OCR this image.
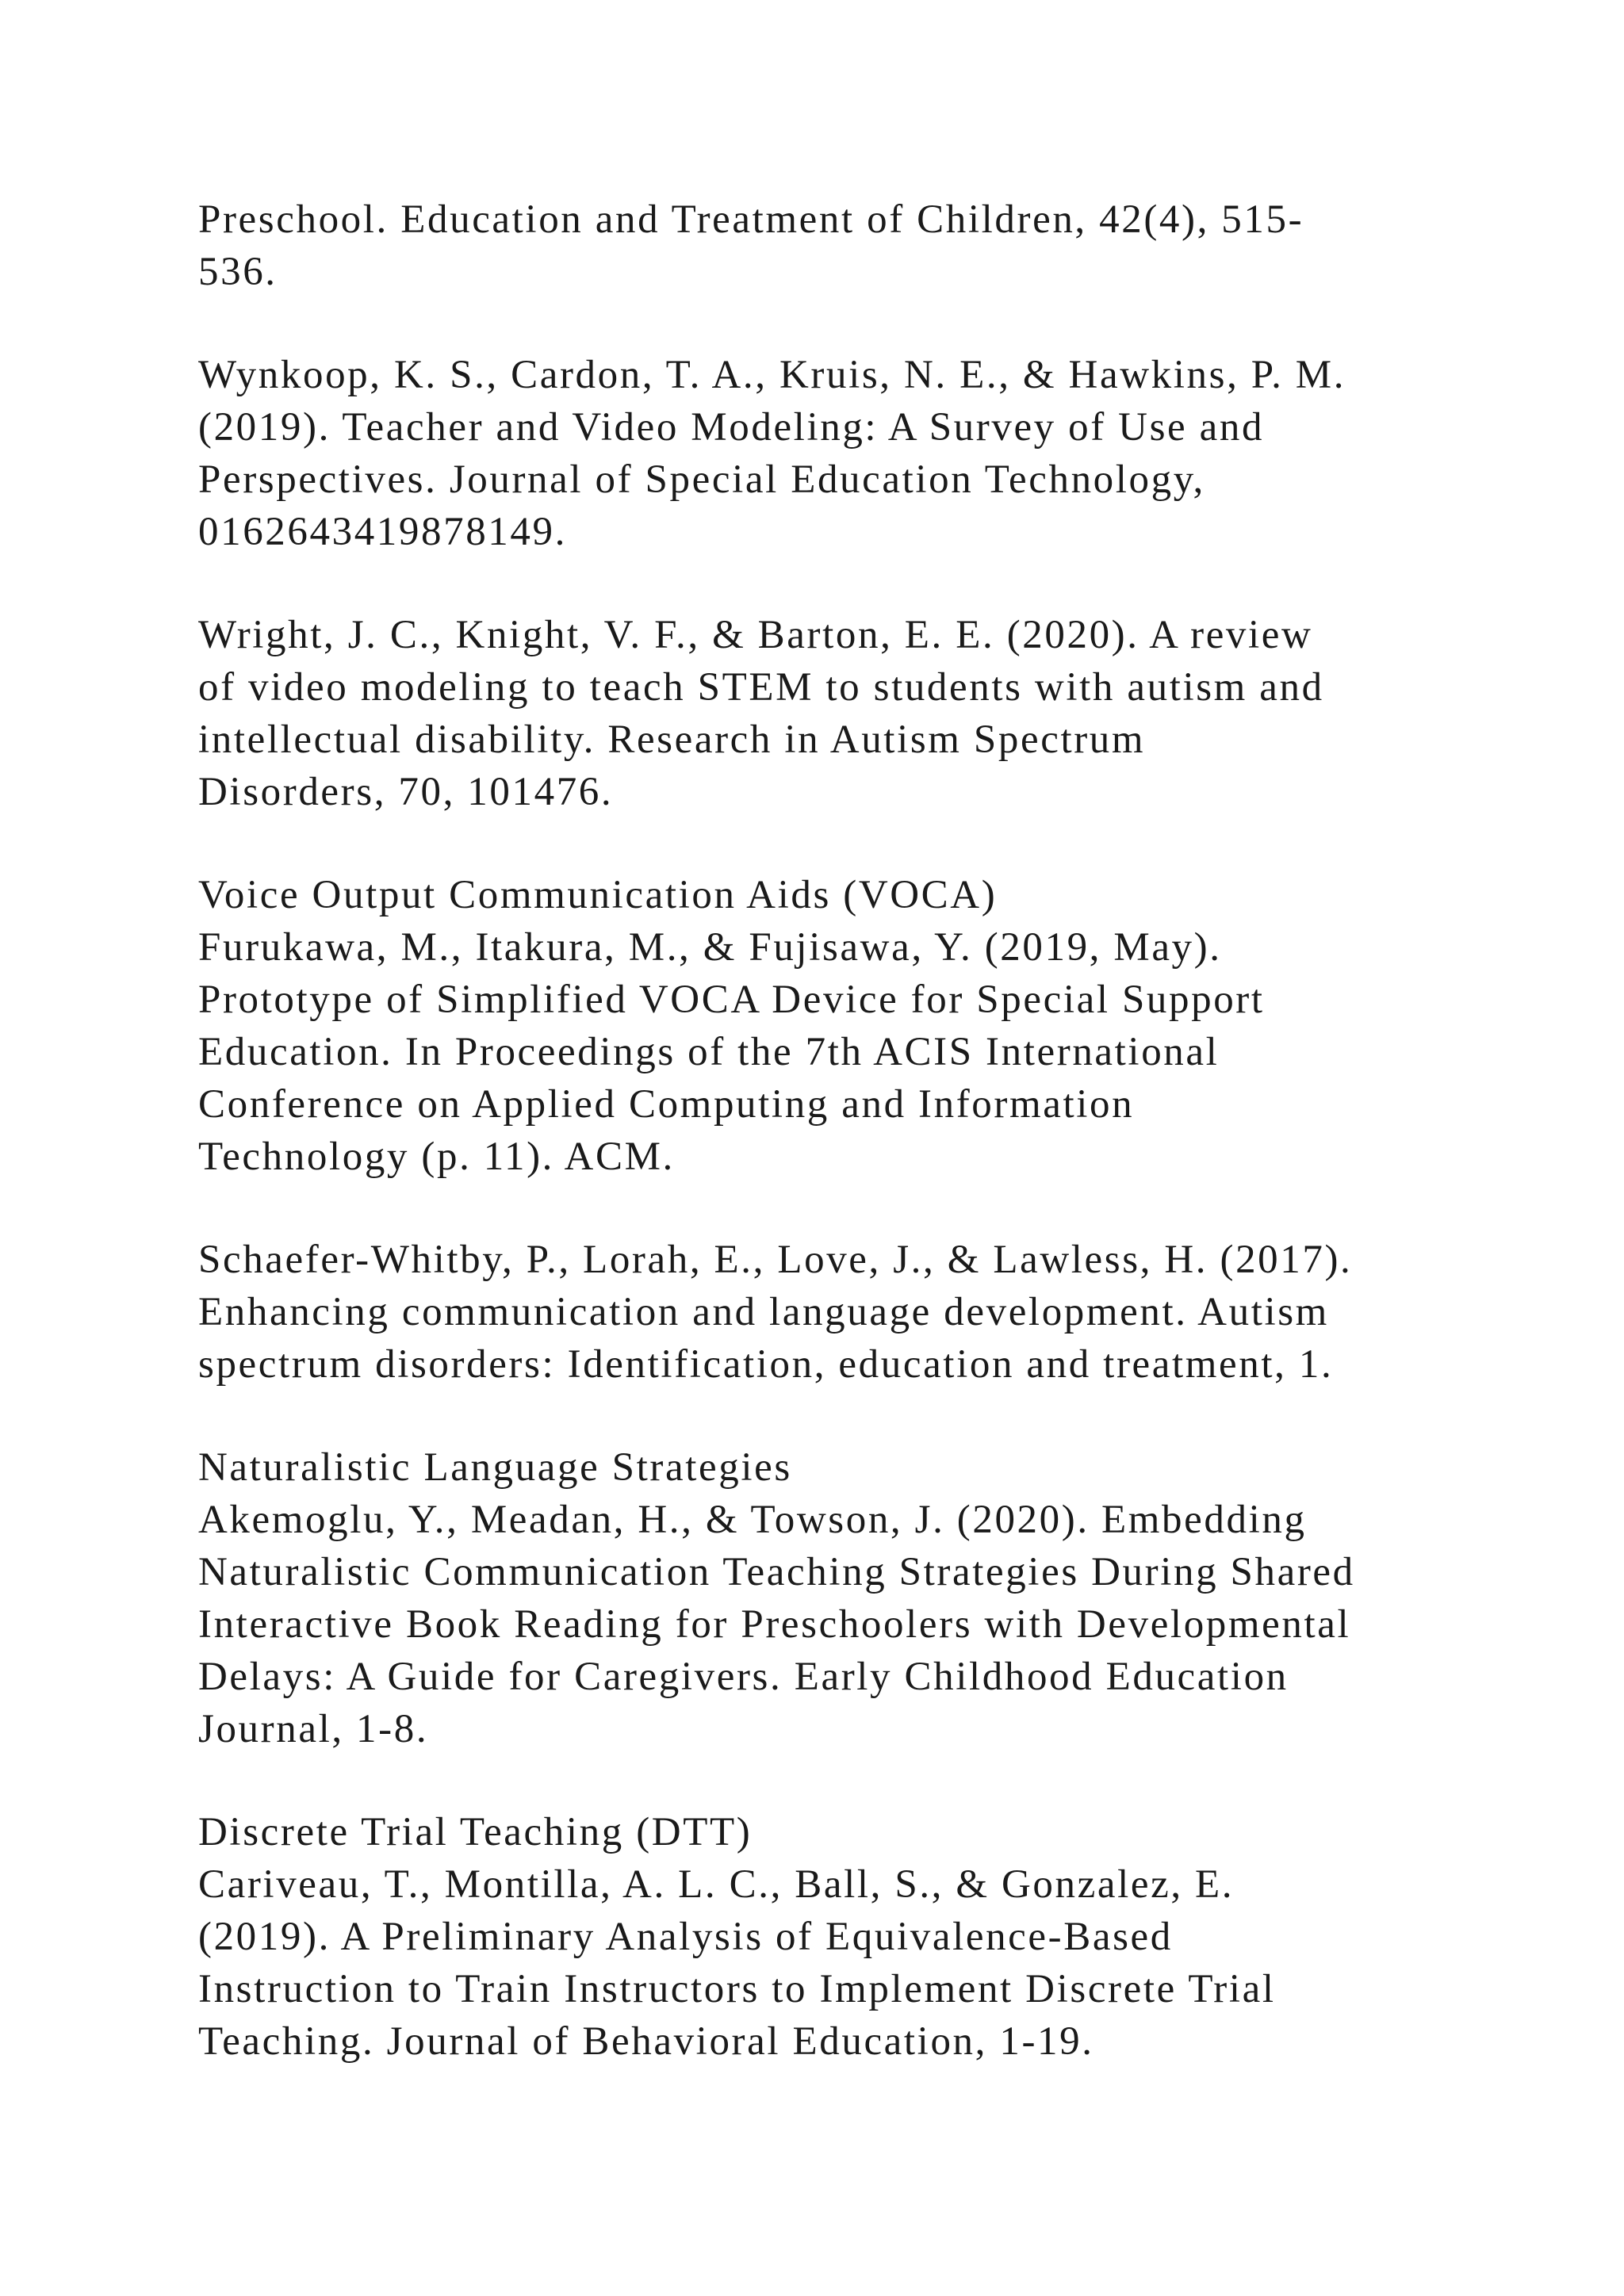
Preschool. Education and Treatment of Children, 42(4), 515-
536.
Wynkoop, K. S., Cardon, T. A., Kruis, N. E., & Hawkins, P. M.
(2019). Teacher and Video Modeling: A Survey of Use and
Perspectives. Journal of Special Education Technology,
0162643419878149.
Wright, J. C., Knight, V. F., & Barton, E. E. (2020). A review
of video modeling to teach STEM to students with autism and
intellectual disability. Research in Autism Spectrum
Disorders, 70, 101476.
Voice Output Communication Aids (VOCA)
Furukawa, M., Itakura, M., & Fujisawa, Y. (2019, May).
Prototype of Simplified VOCA Device for Special Support
Education. In Proceedings of the 7th ACIS International
Conference on Applied Computing and Information
Technology (p. 11). ACM.
Schaefer-Whitby, P., Lorah, E., Love, J., & Lawless, H. (2017).
Enhancing communication and language development. Autism
spectrum disorders: Identification, education and treatment, 1.
Naturalistic Language Strategies
Akemoglu, Y., Meadan, H., & Towson, J. (2020). Embedding
Naturalistic Communication Teaching Strategies During Shared
Interactive Book Reading for Preschoolers with Developmental
Delays: A Guide for Caregivers. Early Childhood Education
Journal, 1-8.
Discrete Trial Teaching (DTT)
Cariveau, T., Montilla, A. L. C., Ball, S., & Gonzalez, E.
(2019). A Preliminary Analysis of Equivalence-Based
Instruction to Train Instructors to Implement Discrete Trial
Teaching. Journal of Behavioral Education, 1-19.
